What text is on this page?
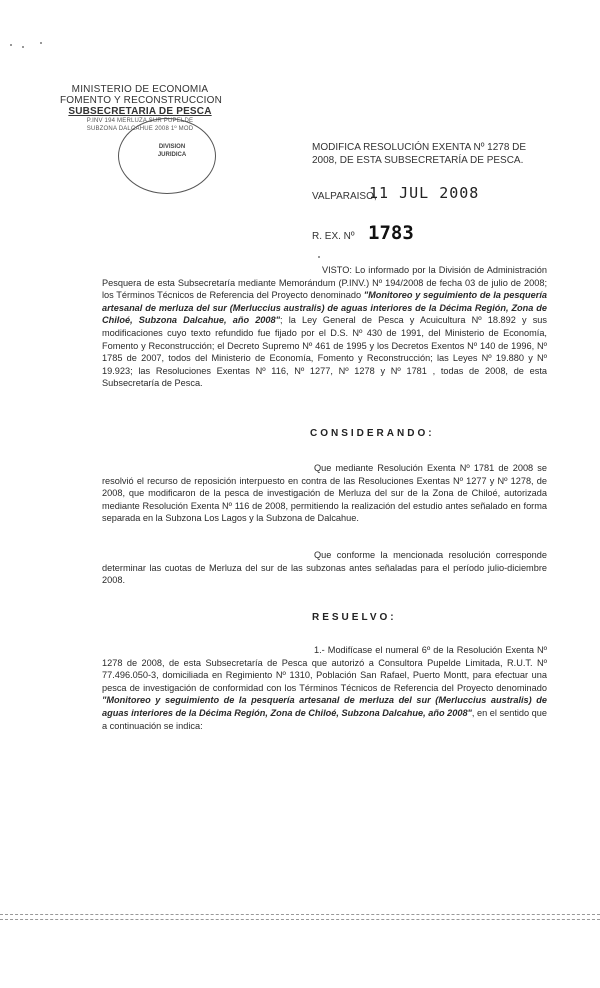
MINISTERIO DE ECONOMIA
FOMENTO Y RECONSTRUCCION
SUBSECRETARIA DE PESCA
P.INV 194 MERLUZA SUR PUPELDE
SUBZONA DALCAHUE 2008 1º MOD
DIVISION JURIDICA
MODIFICA RESOLUCIÓN EXENTA Nº 1278 DE 2008, DE ESTA SUBSECRETARÍA DE PESCA.
VALPARAISO,
11 JUL 2008
R. EX. Nº 1783
VISTO: Lo informado por la División de Administración Pesquera de esta Subsecretaría mediante Memorándum (P.INV.) Nº 194/2008 de fecha 03 de julio de 2008; los Términos Técnicos de Referencia del Proyecto denominado "Monitoreo y seguimiento de la pesquería artesanal de merluza del sur (Merluccius australis) de aguas interiores de la Décima Región, Zona de Chiloé, Subzona Dalcahue, año 2008"; la Ley General de Pesca y Acuicultura Nº 18.892 y sus modificaciones cuyo texto refundido fue fijado por el D.S. Nº 430 de 1991, del Ministerio de Economía, Fomento y Reconstrucción; el Decreto Supremo Nº 461 de 1995 y los Decretos Exentos Nº 140 de 1996, Nº 1785 de 2007, todos del Ministerio de Economía, Fomento y Reconstrucción; las Leyes Nº 19.880 y Nº 19.923; las Resoluciones Exentas Nº 116, Nº 1277, Nº 1278 y Nº 1781 , todas de 2008, de esta Subsecretaría de Pesca.
CONSIDERANDO:
Que mediante Resolución Exenta Nº 1781 de 2008 se resolvió el recurso de reposición interpuesto en contra de las Resoluciones Exentas Nº 1277 y Nº 1278, de 2008, que modificaron de la pesca de investigación de Merluza del sur de la Zona de Chiloé, autorizada mediante Resolución Exenta Nº 116 de 2008, permitiendo la realización del estudio antes señalado en forma separada en la Subzona Los Lagos y la Subzona de Dalcahue.
Que conforme la mencionada resolución corresponde determinar las cuotas de Merluza del sur de las subzonas antes señaladas para el período julio-diciembre 2008.
RESUELVO:
1.- Modifícase el numeral 6º de la Resolución Exenta Nº 1278 de 2008, de esta Subsecretaría de Pesca que autorizó a Consultora Pupelde Limitada, R.U.T. Nº 77.496.050-3, domiciliada en Regimiento Nº 1310, Población San Rafael, Puerto Montt, para efectuar una pesca de investigación de conformidad con los Términos Técnicos de Referencia del Proyecto denominado "Monitoreo y seguimiento de la pesquería artesanal de merluza del sur (Merluccius australis) de aguas interiores de la Décima Región, Zona de Chiloé, Subzona Dalcahue, año 2008", en el sentido que a continuación se indica:
